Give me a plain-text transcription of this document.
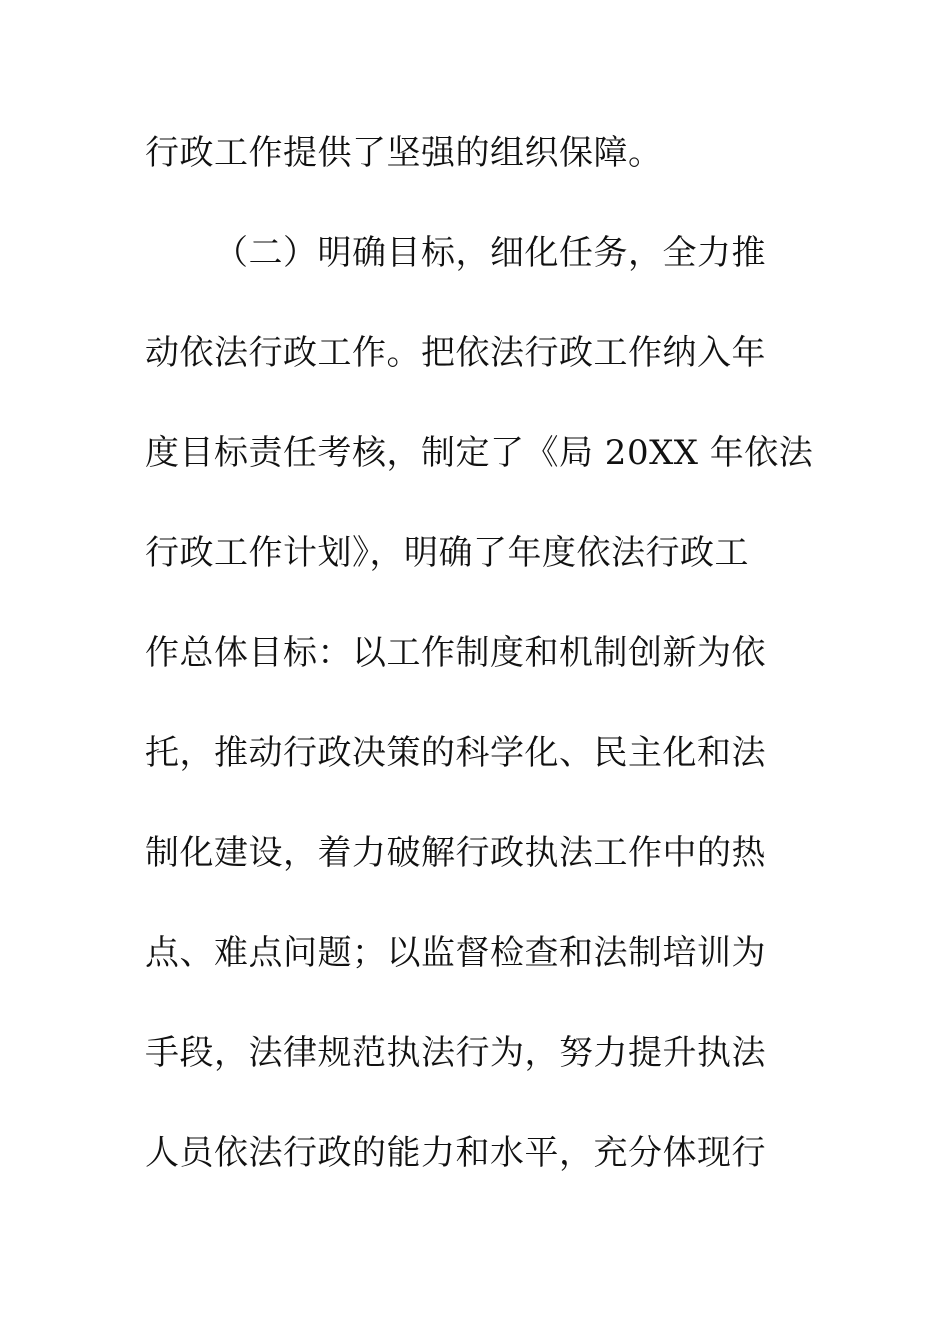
行政工作提供了坚强的组织保障。
（二）明确目标，细化任务，全力推
动依法行政工作。把依法行政工作纳入年
度目标责任考核，制定了《局 20XX 年依法
行政工作计划》，明确了年度依法行政工
作总体目标：以工作制度和机制创新为依
托，推动行政决策的科学化、民主化和法
制化建设，着力破解行政执法工作中的热
点、难点问题；以监督检查和法制培训为
手段，法律规范执法行为，努力提升执法
人员依法行政的能力和水平，充分体现行
